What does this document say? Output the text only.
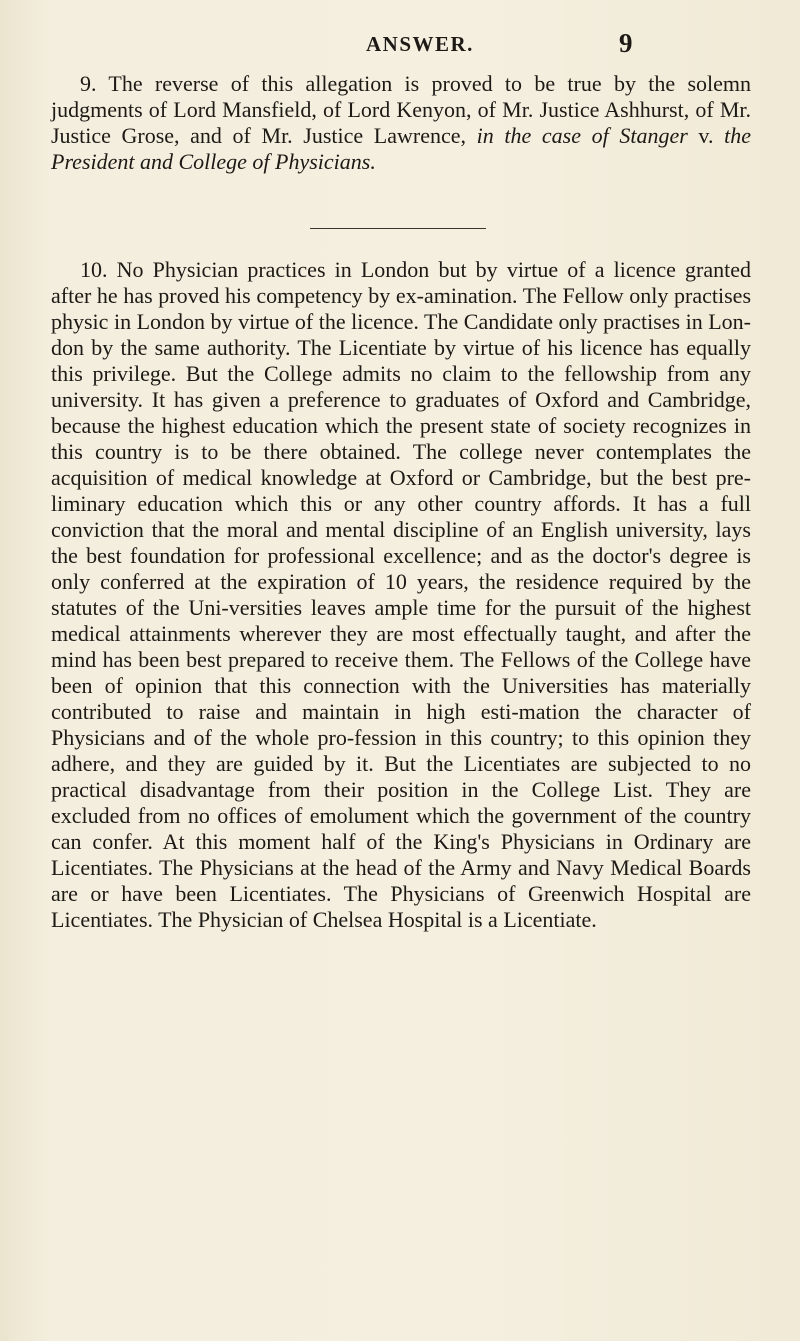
ANSWER.	9

9. The reverse of this allegation is proved to be true by the solemn judgments of Lord Mansfield, of Lord Kenyon, of Mr. Justice Ashhurst, of Mr. Justice Grose, and of Mr. Justice Lawrence, in the case of Stanger v. the President and College of Physicians.

10. No Physician practices in London but by virtue of a licence granted after he has proved his competency by ex-amination. The Fellow only practises physic in London by virtue of the licence. The Candidate only practises in Lon-don by the same authority. The Licentiate by virtue of his licence has equally this privilege. But the College admits no claim to the fellowship from any university. It has given a preference to graduates of Oxford and Cambridge, because the highest education which the present state of society recognizes in this country is to be there obtained. The college never contemplates the acquisition of medical knowledge at Oxford or Cambridge, but the best pre-liminary education which this or any other country affords. It has a full conviction that the moral and mental discipline of an English university, lays the best foundation for professional excellence; and as the doctor's degree is only conferred at the expiration of 10 years, the residence required by the statutes of the Uni-versities leaves ample time for the pursuit of the highest medical attainments wherever they are most effectually taught, and after the mind has been best prepared to receive them. The Fellows of the College have been of opinion that this connection with the Universities has materially contributed to raise and maintain in high esti-mation the character of Physicians and of the whole pro-fession in this country; to this opinion they adhere, and they are guided by it. But the Licentiates are subjected to no practical disadvantage from their position in the College List. They are excluded from no offices of emolument which the government of the country can confer. At this moment half of the King's Physicians in Ordinary are Licentiates. The Physicians at the head of the Army and Navy Medical Boards are or have been Licentiates. The Physicians of Greenwich Hospital are Licentiates. The Physician of Chelsea Hospital is a Licentiate.
